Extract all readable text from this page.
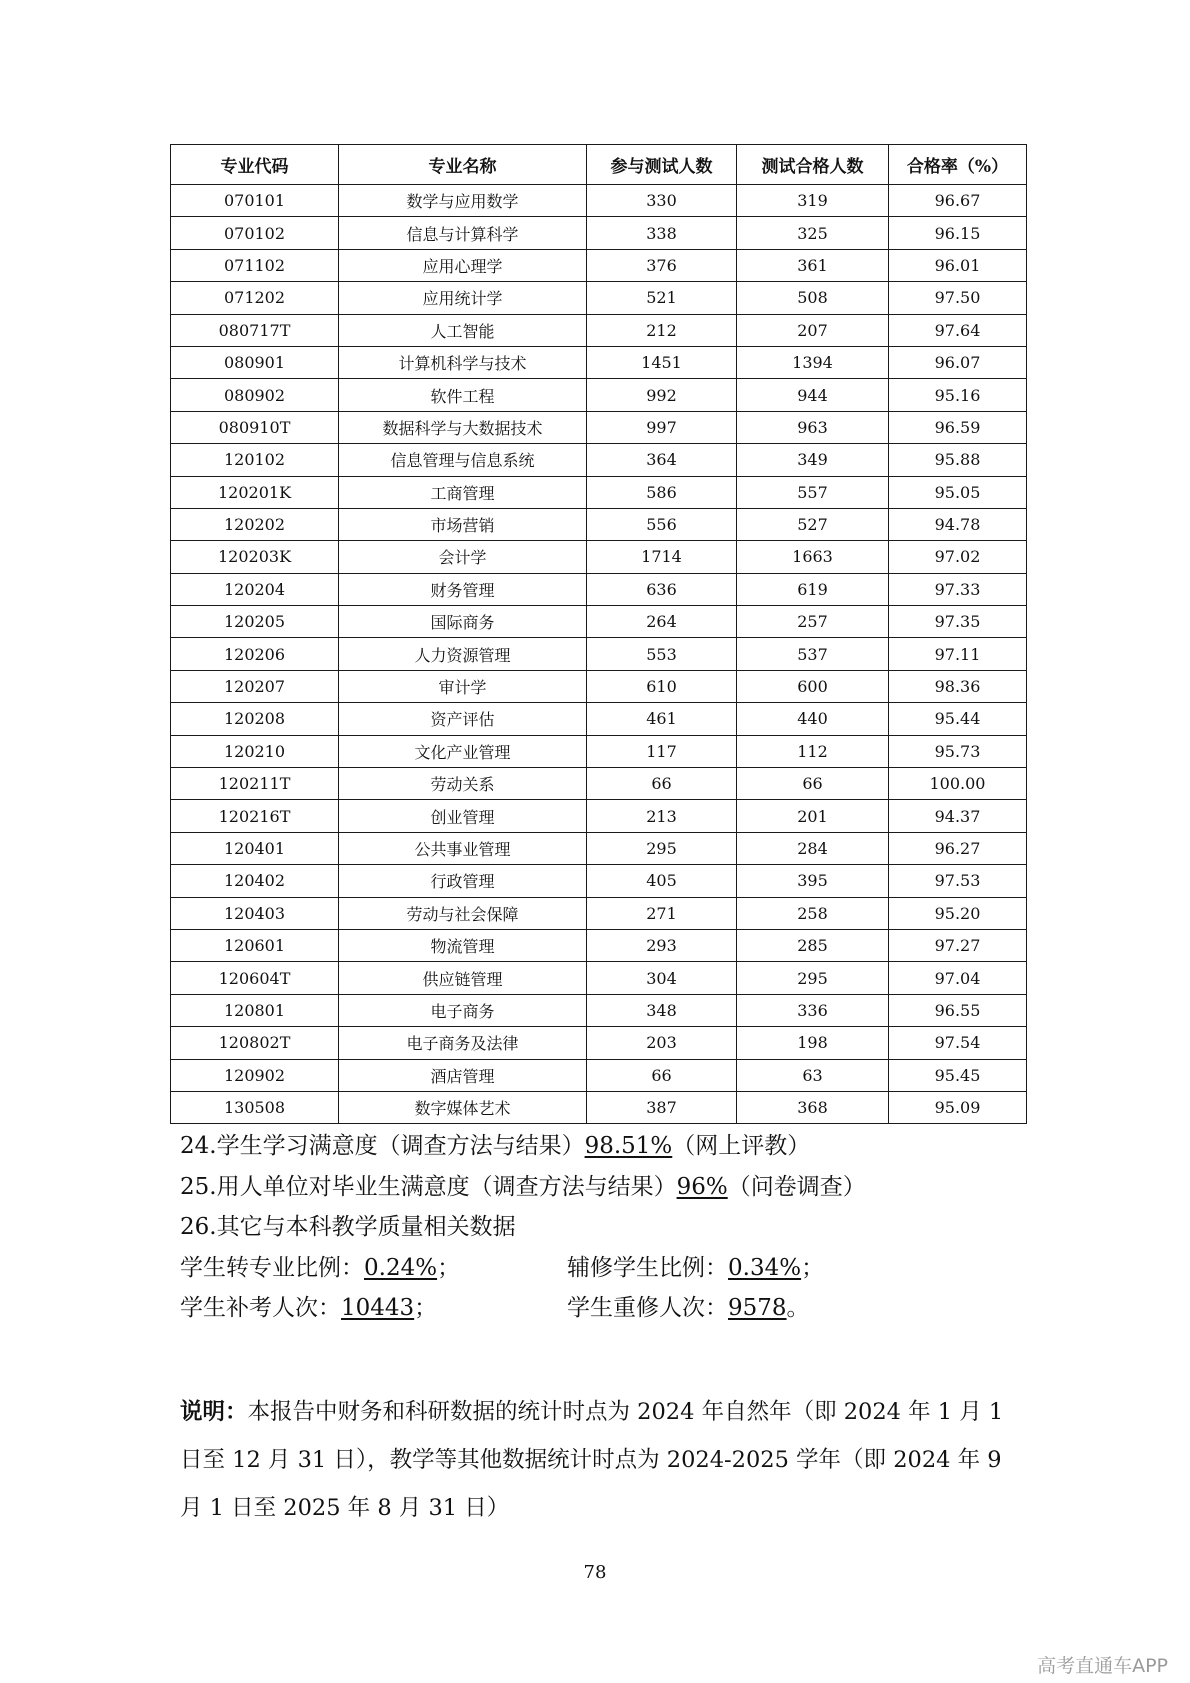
专业代码	专业名称	参与测试人数	测试合格人数	合格率（%）
070101	数学与应用数学	330	319	96.67
070102	信息与计算科学	338	325	96.15
071102	应用心理学	376	361	96.01
071202	应用统计学	521	508	97.50
080717T	人工智能	212	207	97.64
080901	计算机科学与技术	1451	1394	96.07
080902	软件工程	992	944	95.16
080910T	数据科学与大数据技术	997	963	96.59
120102	信息管理与信息系统	364	349	95.88
120201K	工商管理	586	557	95.05
120202	市场营销	556	527	94.78
120203K	会计学	1714	1663	97.02
120204	财务管理	636	619	97.33
120205	国际商务	264	257	97.35
120206	人力资源管理	553	537	97.11
120207	审计学	610	600	98.36
120208	资产评估	461	440	95.44
120210	文化产业管理	117	112	95.73
120211T	劳动关系	66	66	100.00
120216T	创业管理	213	201	94.37
120401	公共事业管理	295	284	96.27
120402	行政管理	405	395	97.53
120403	劳动与社会保障	271	258	95.20
120601	物流管理	293	285	97.27
120604T	供应链管理	304	295	97.04
120801	电子商务	348	336	96.55
120802T	电子商务及法律	203	198	97.54
120902	酒店管理	66	63	95.45
130508	数字媒体艺术	387	368	95.09
24.学生学习满意度（调查方法与结果）98.51%（网上评教）
25.用人单位对毕业生满意度（调查方法与结果）96%（问卷调查）
26.其它与本科教学质量相关数据
学生转专业比例：0.24%；	辅修学生比例：0.34%；
学生补考人次：10443；	学生重修人次：9578。
说明：本报告中财务和科研数据的统计时点为 2024 年自然年（即 2024 年 1 月 1 日至 12 月 31 日），教学等其他数据统计时点为 2024-2025 学年（即 2024 年 9 月 1 日至 2025 年 8 月 31 日）
78
高考直通车APP
